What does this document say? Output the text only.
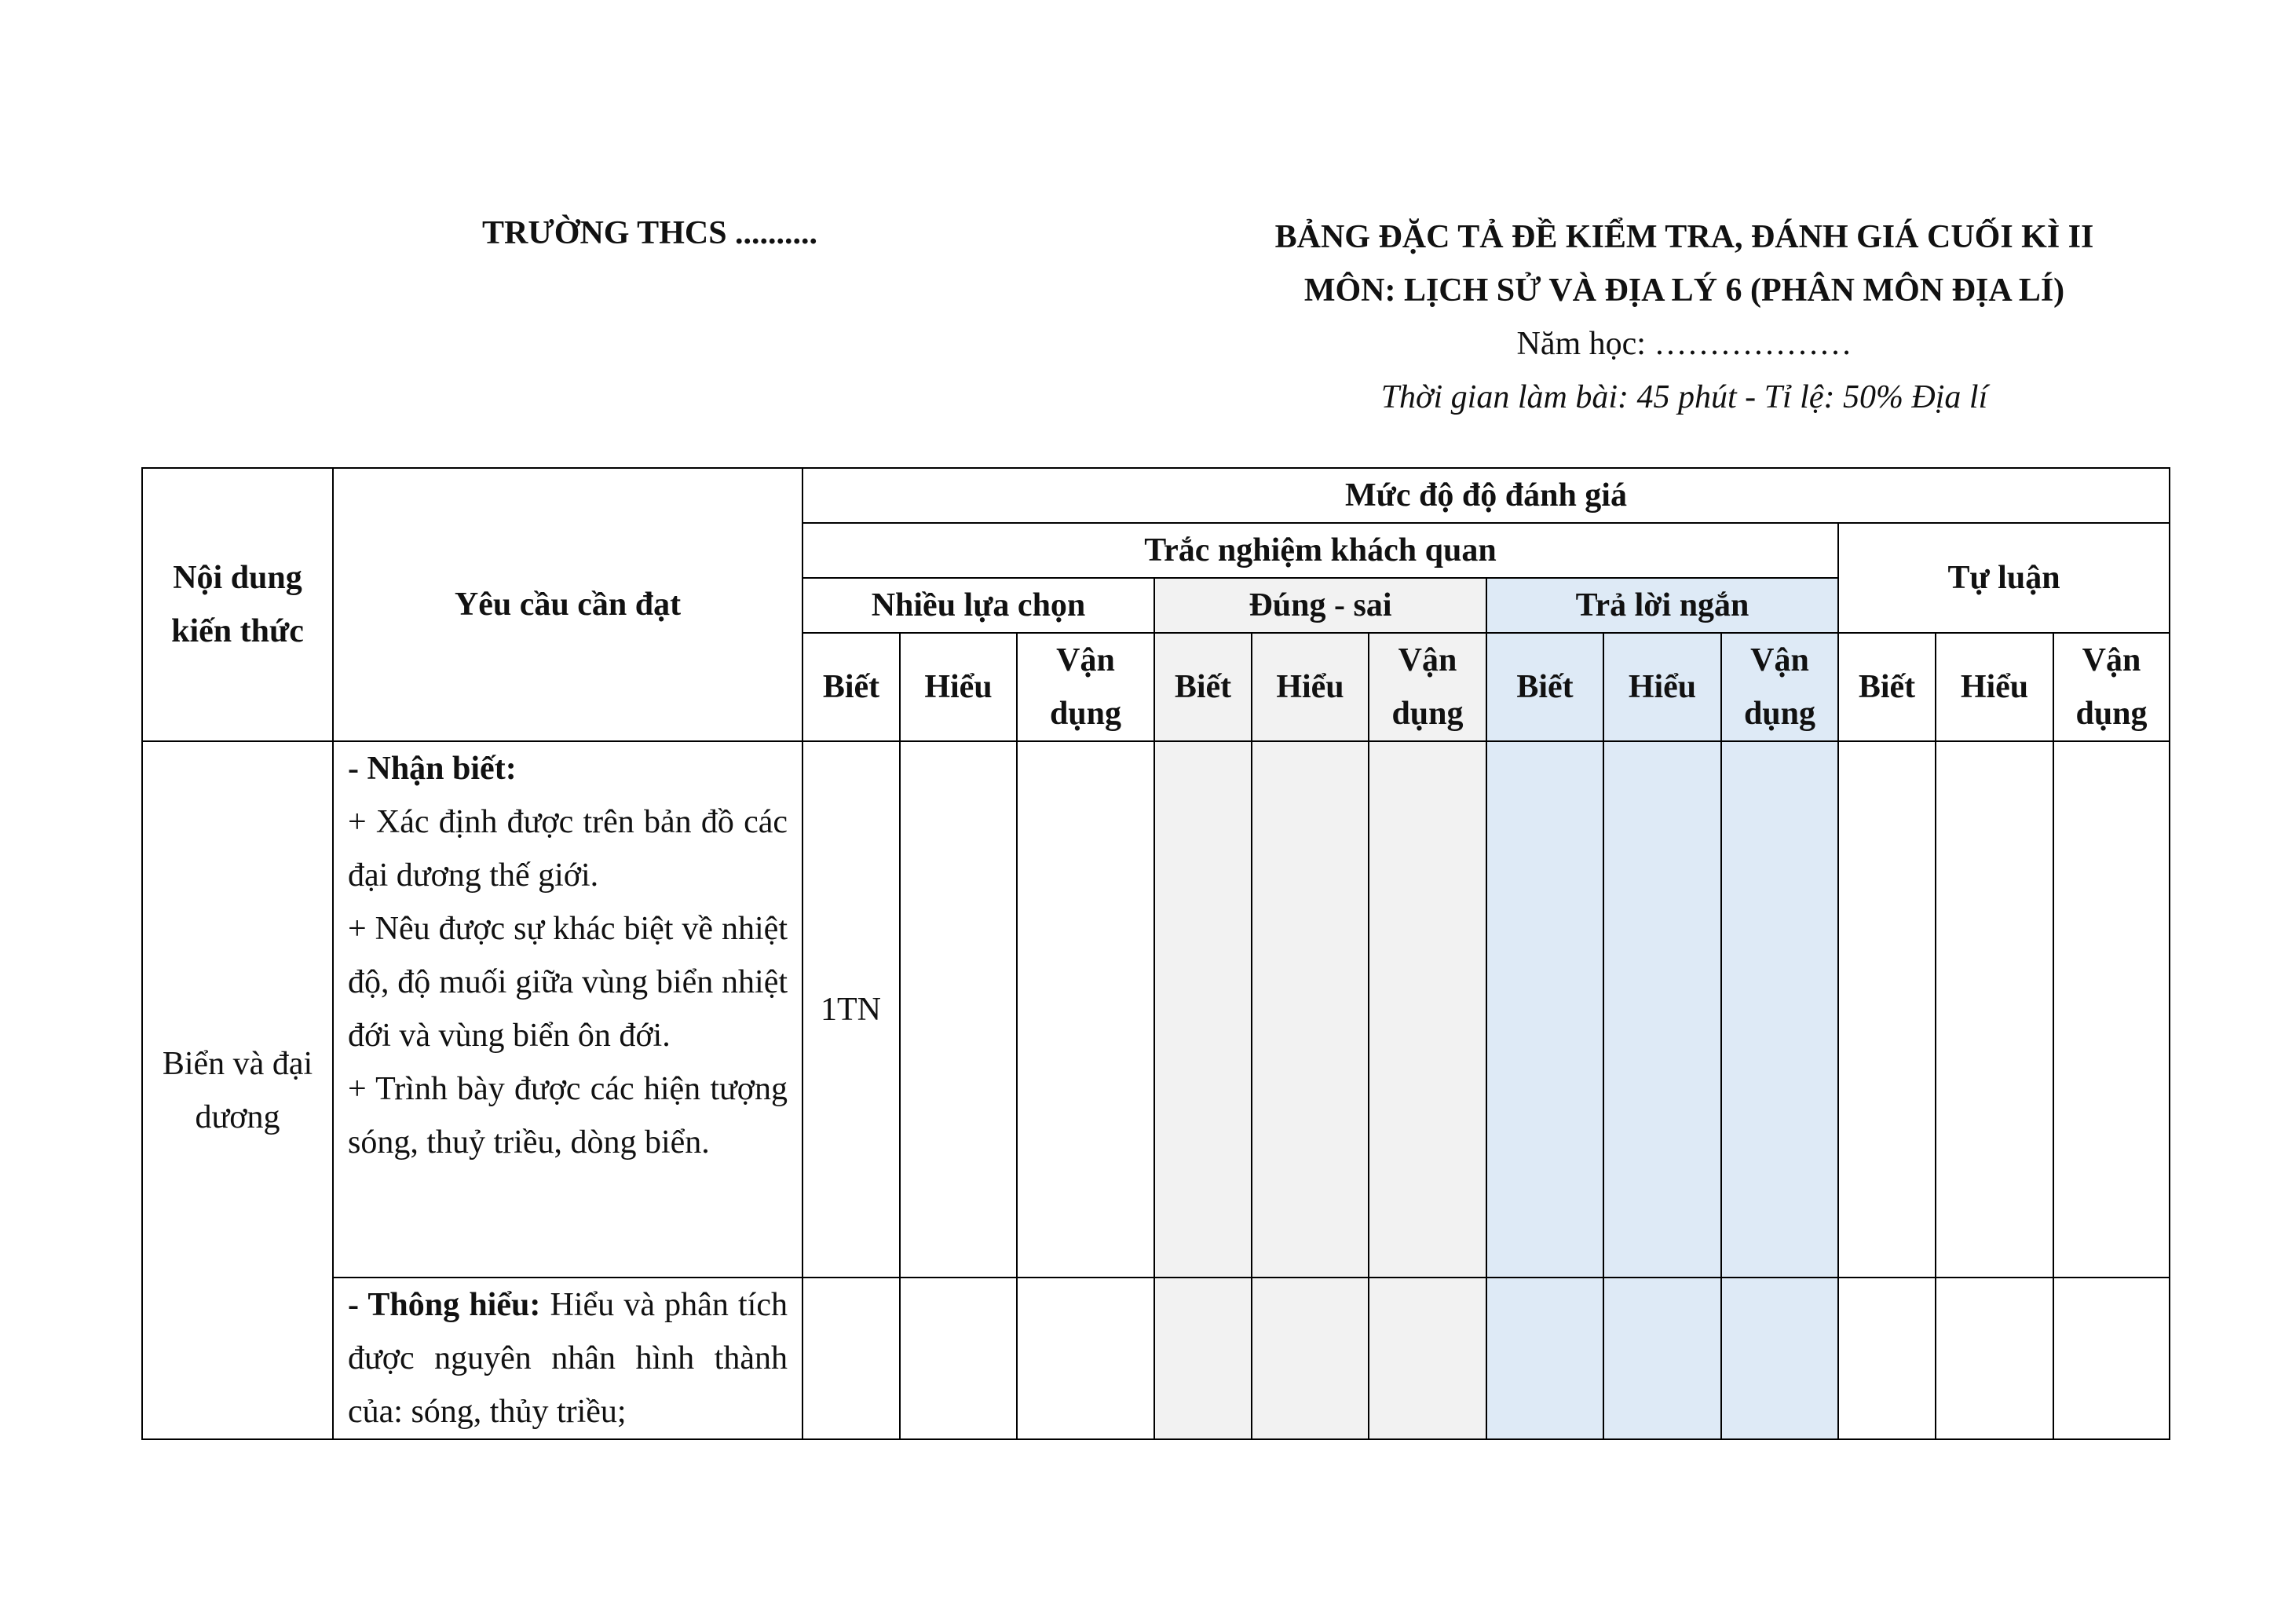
TRƯỜNG THCS ..........	BẢNG ĐẶC TẢ ĐỀ KIỂM TRA, ĐÁNH GIÁ CUỐI KÌ II
MÔN: LỊCH SỬ VÀ ĐỊA LÝ 6 (PHÂN MÔN ĐỊA LÍ)
Năm học: ………………
Thời gian làm bài: 45 phút - Tỉ lệ: 50% Địa lí
Nội dung kiến thức	Yêu cầu cần đạt	Mức độ độ đánh giá											
		Trắc nghiệm khách quan									Tự luận		
		Nhiều lựa chọn			Đúng - sai			Trả lời ngắn					
		Biết	Hiểu	Vận dụng	Biết	Hiểu	Vận dụng	Biết	Hiểu	Vận dụng	Biết	Hiểu	Vận dụng
Biển và đại dương	- Nhận biết:
+ Xác định được trên bản đồ các đại dương thế giới.
+ Nêu được sự khác biệt về nhiệt độ, độ muối giữa vùng biển nhiệt đới và vùng biển ôn đới.
+ Trình bày được các hiện tượng sóng, thuỷ triều, dòng biển.	1TN											

	- Thông hiểu: Hiểu và phân tích được nguyên nhân hình thành của: sóng, thủy triều;												
